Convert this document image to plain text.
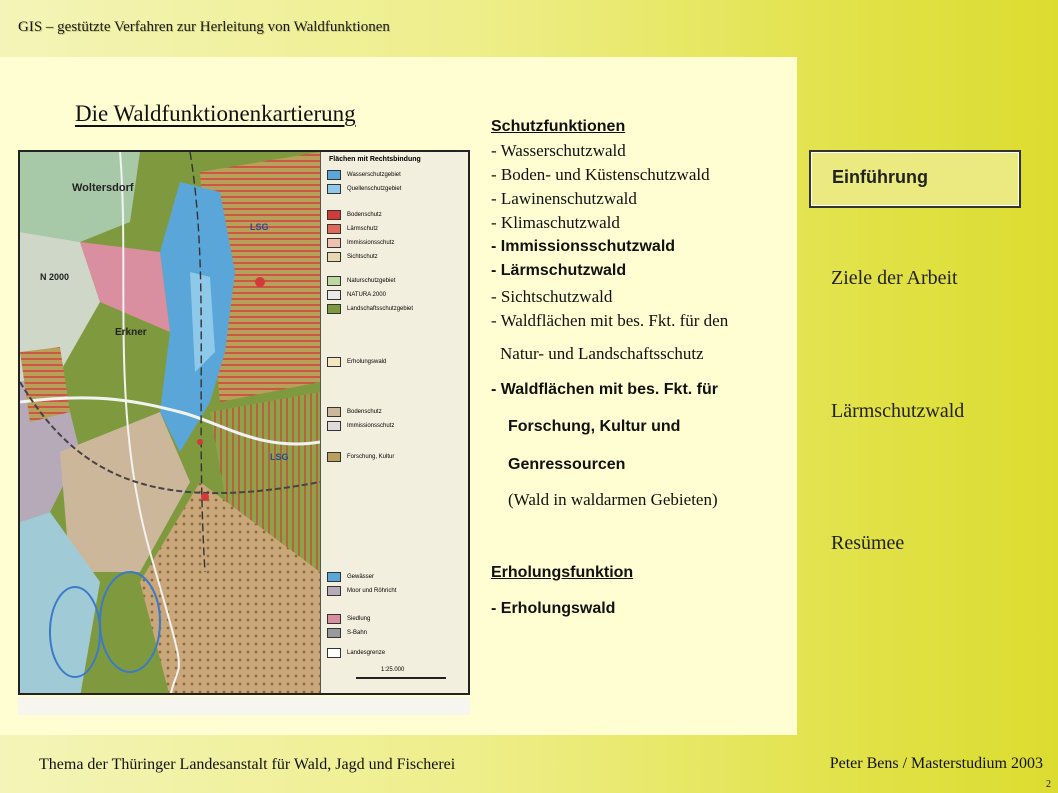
GIS – gestützte Verfahren zur Herleitung von Waldfunktionen
Die Waldfunktionenkartierung
Woltersdorf
Erkner
LSG
LSG
N 2000
Flächen mit Rechtsbindung
Wasserschutzgebiet
Quellenschutzgebiet
Bodenschutz
Lärmschutz
Immissionsschutz
Sichtschutz
Naturschutzgebiet
NATURA 2000
Landschaftsschutzgebiet
Erholungswald
Bodenschutz
Immissionsschutz
Forschung, Kultur
Gewässer
Moor und Röhricht
Siedlung
S-Bahn
Landesgrenze
1:25.000
Schutzfunktionen
- Wasserschutzwald
- Boden- und Küstenschutzwald
- Lawinenschutzwald
- Klimaschutzwald
- Immissionsschutzwald
- Lärmschutzwald
- Sichtschutzwald
- Waldflächen mit bes. Fkt. für den
Natur- und Landschaftsschutz
- Waldflächen mit bes. Fkt. für
Forschung, Kultur und
Genressourcen
(Wald in waldarmen Gebieten)
Erholungsfunktion
- Erholungswald
Einführung
Ziele der Arbeit
Lärmschutzwald
Resümee
Thema der Thüringer Landesanstalt für Wald, Jagd und Fischerei	Peter Bens / Masterstudium 2003
2
